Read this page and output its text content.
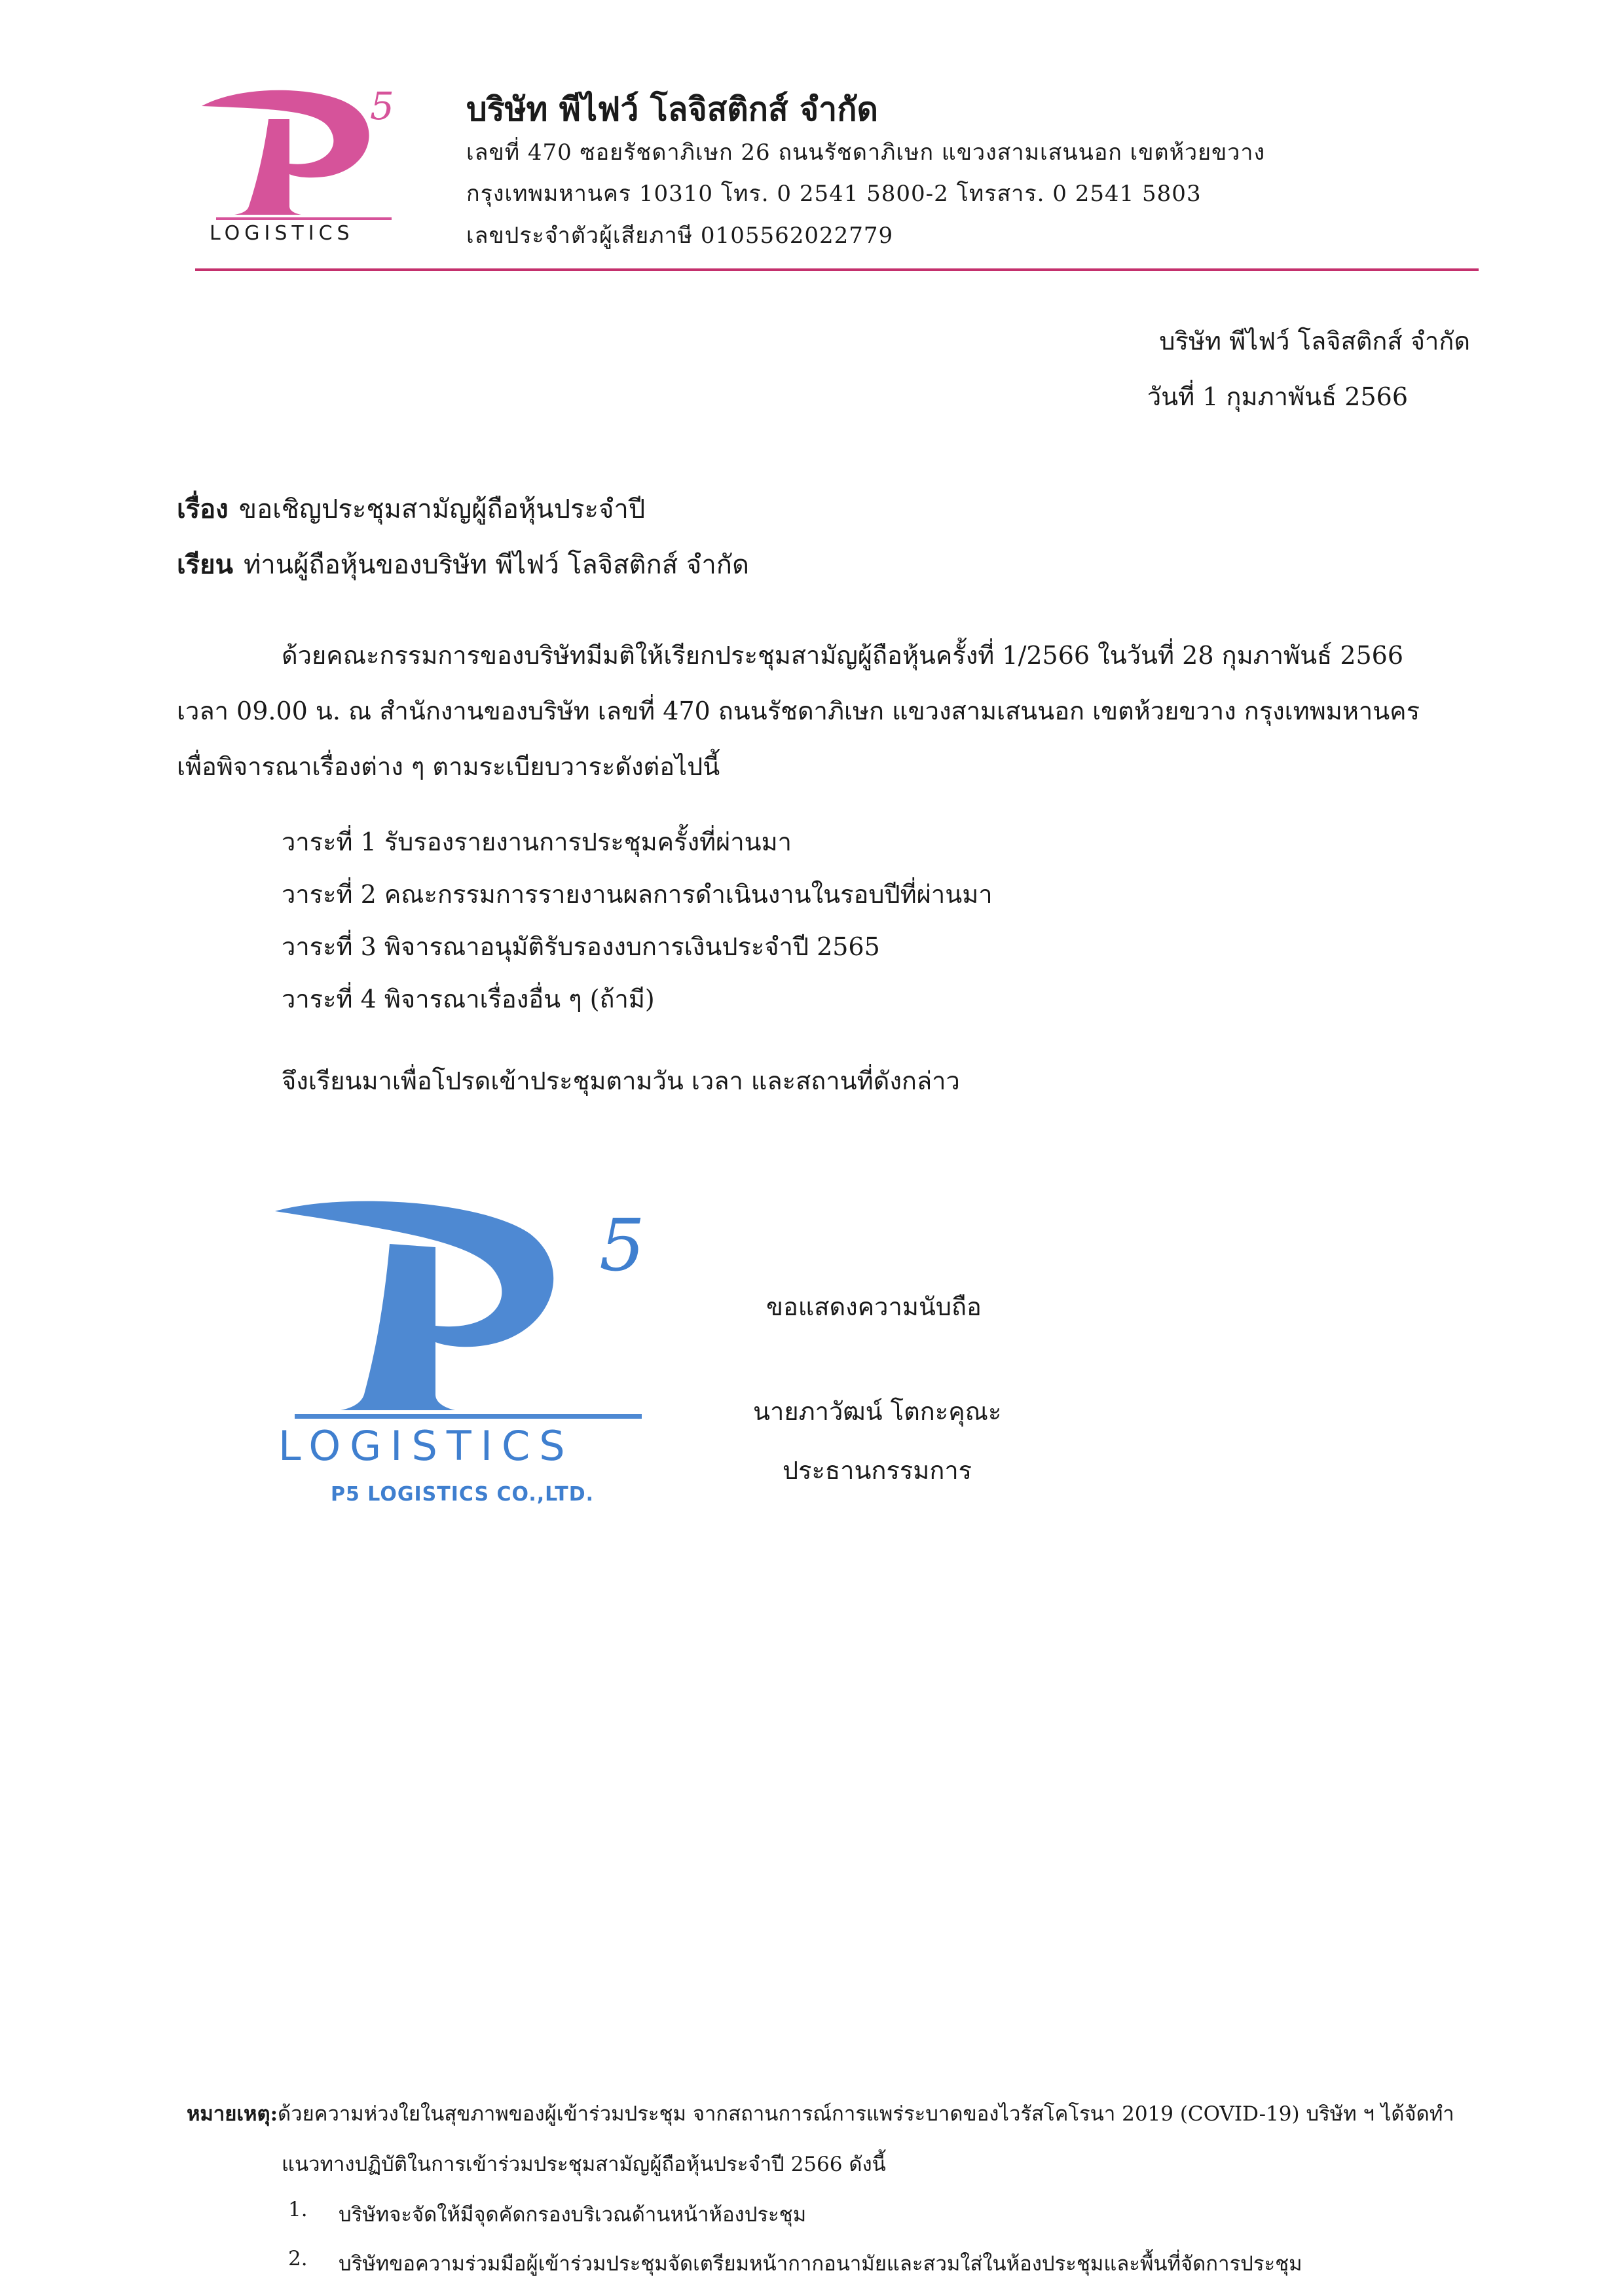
5
LOGISTICS
บริษัท พีไฟว์ โลจิสติกส์ จำกัด
เลขที่ 470 ซอยรัชดาภิเษก 26 ถนนรัชดาภิเษก แขวงสามเสนนอก เขตห้วยขวาง
กรุงเทพมหานคร 10310 โทร. 0 2541 5800-2 โทรสาร. 0 2541 5803
เลขประจำตัวผู้เสียภาษี 0105562022779
บริษัท พีไฟว์ โลจิสติกส์ จำกัด
วันที่ 1 กุมภาพันธ์ 2566
เรื่อง ขอเชิญประชุมสามัญผู้ถือหุ้นประจำปี
เรียน ท่านผู้ถือหุ้นของบริษัท พีไฟว์ โลจิสติกส์ จำกัด
ด้วยคณะกรรมการของบริษัทมีมติให้เรียกประชุมสามัญผู้ถือหุ้นครั้งที่ 1/2566 ในวันที่ 28 กุมภาพันธ์ 2566
เวลา 09.00 น. ณ สำนักงานของบริษัท เลขที่ 470 ถนนรัชดาภิเษก แขวงสามเสนนอก เขตห้วยขวาง กรุงเทพมหานคร
เพื่อพิจารณาเรื่องต่าง ๆ ตามระเบียบวาระดังต่อไปนี้
วาระที่ 1 รับรองรายงานการประชุมครั้งที่ผ่านมา
วาระที่ 2 คณะกรรมการรายงานผลการดำเนินงานในรอบปีที่ผ่านมา
วาระที่ 3 พิจารณาอนุมัติรับรองงบการเงินประจำปี 2565
วาระที่ 4 พิจารณาเรื่องอื่น ๆ (ถ้ามี)
จึงเรียนมาเพื่อโปรดเข้าประชุมตามวัน เวลา และสถานที่ดังกล่าว
5
LOGISTICS
P5 LOGISTICS CO.,LTD.
ขอแสดงความนับถือ
นายภาวัฒน์ โตกะคุณะ
ประธานกรรมการ
หมายเหตุ:ด้วยความห่วงใยในสุขภาพของผู้เข้าร่วมประชุม จากสถานการณ์การแพร่ระบาดของไวรัสโคโรนา 2019 (COVID-19) บริษัท ฯ ได้จัดทำ
แนวทางปฏิบัติในการเข้าร่วมประชุมสามัญผู้ถือหุ้นประจำปี 2566 ดังนี้
1. บริษัทจะจัดให้มีจุดคัดกรองบริเวณด้านหน้าห้องประชุม
2. บริษัทขอความร่วมมือผู้เข้าร่วมประชุมจัดเตรียมหน้ากากอนามัยและสวมใส่ในห้องประชุมและพื้นที่จัดการประชุม
